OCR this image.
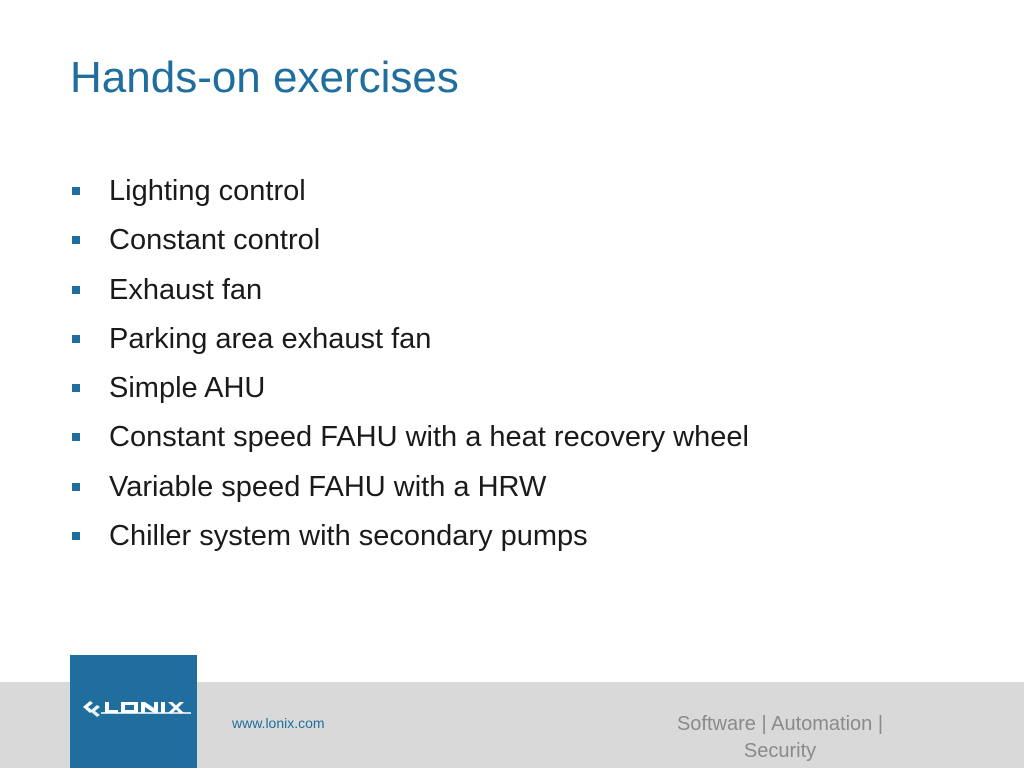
Hands-on exercises
Lighting control
Constant control
Exhaust fan
Parking area exhaust fan
Simple AHU
Constant speed FAHU with a heat recovery wheel
Variable speed FAHU with a HRW
Chiller system with secondary pumps
www.lonix.com	Software | Automation | Security
